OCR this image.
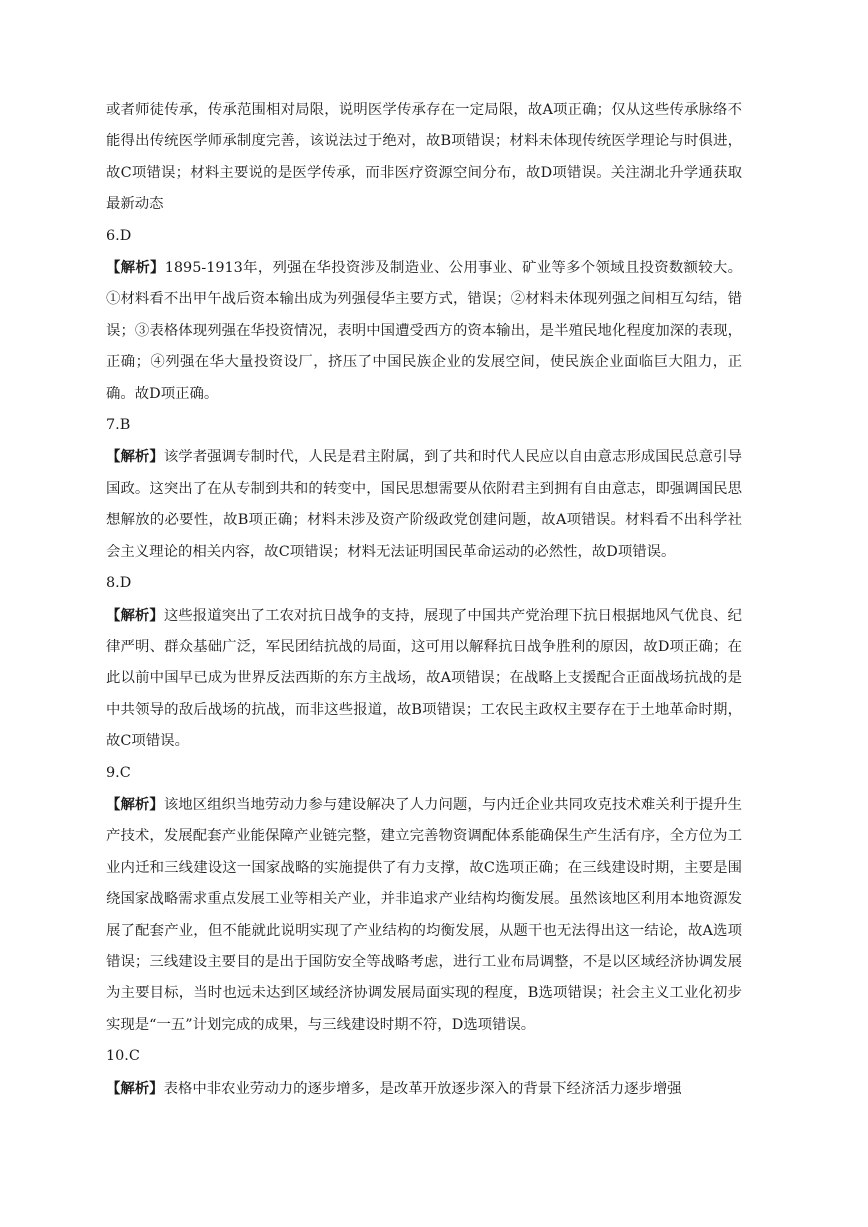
或者师徒传承，传承范围相对局限，说明医学传承存在一定局限，故A项正确；仅从这些传承脉络不能得出传统医学师承制度完善，该说法过于绝对，故B项错误；材料未体现传统医学理论与时俱进，故C项错误；材料主要说的是医学传承，而非医疗资源空间分布，故D项错误。关注湖北升学通获取最新动态

6.D

【解析】1895-1913年，列强在华投资涉及制造业、公用事业、矿业等多个领域且投资数额较大。①材料看不出甲午战后资本输出成为列强侵华主要方式，错误；②材料未体现列强之间相互勾结，错误；③表格体现列强在华投资情况，表明中国遭受西方的资本输出，是半殖民地化程度加深的表现，正确；④列强在华大量投资设厂，挤压了中国民族企业的发展空间，使民族企业面临巨大阻力，正确。故D项正确。

7.B

【解析】该学者强调专制时代，人民是君主附属，到了共和时代人民应以自由意志形成国民总意引导国政。这突出了在从专制到共和的转变中，国民思想需要从依附君主到拥有自由意志，即强调国民思想解放的必要性，故B项正确；材料未涉及资产阶级政党创建问题，故A项错误。材料看不出科学社会主义理论的相关内容，故C项错误；材料无法证明国民革命运动的必然性，故D项错误。

8.D

【解析】这些报道突出了工农对抗日战争的支持，展现了中国共产党治理下抗日根据地风气优良、纪律严明、群众基础广泛，军民团结抗战的局面，这可用以解释抗日战争胜利的原因，故D项正确；在此以前中国早已成为世界反法西斯的东方主战场，故A项错误；在战略上支援配合正面战场抗战的是中共领导的敌后战场的抗战，而非这些报道，故B项错误；工农民主政权主要存在于土地革命时期，故C项错误。

9.C

【解析】该地区组织当地劳动力参与建设解决了人力问题，与内迁企业共同攻克技术难关利于提升生产技术，发展配套产业能保障产业链完整，建立完善物资调配体系能确保生产生活有序，全方位为工业内迁和三线建设这一国家战略的实施提供了有力支撑，故C选项正确；在三线建设时期，主要是围绕国家战略需求重点发展工业等相关产业，并非追求产业结构均衡发展。虽然该地区利用本地资源发展了配套产业，但不能就此说明实现了产业结构的均衡发展，从题干也无法得出这一结论，故A选项错误；三线建设主要目的是出于国防安全等战略考虑，进行工业布局调整，不是以区域经济协调发展为主要目标，当时也远未达到区域经济协调发展局面实现的程度，B选项错误；社会主义工业化初步实现是“一五”计划完成的成果，与三线建设时期不符，D选项错误。

10.C

【解析】表格中非农业劳动力的逐步增多，是改革开放逐步深入的背景下经济活力逐步增强
